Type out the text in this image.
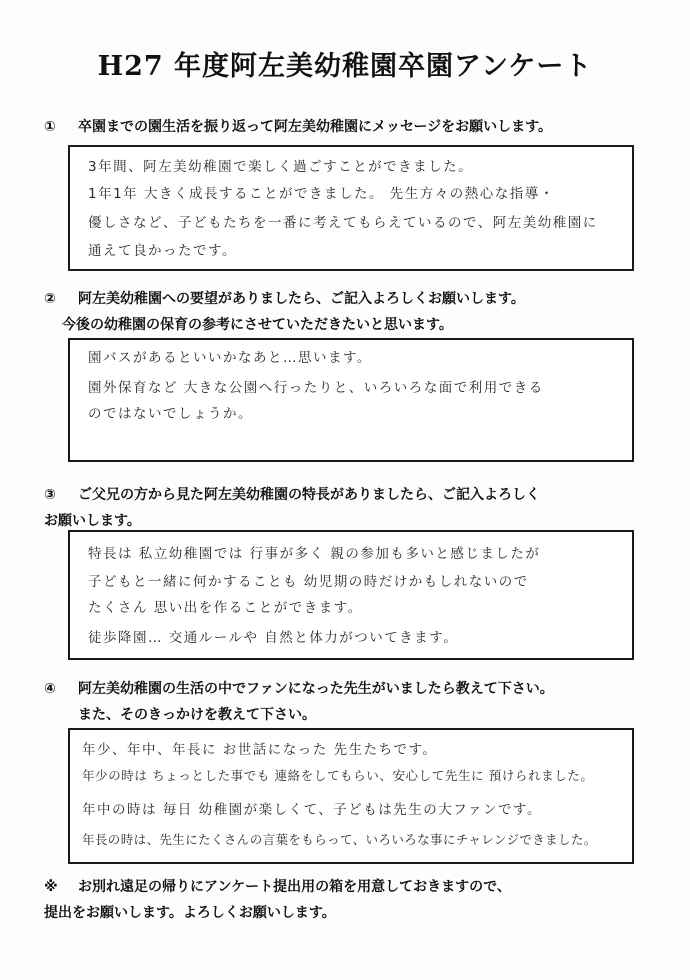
H27 年度阿左美幼稚園卒園アンケート
① 卒園までの園生活を振り返って阿左美幼稚園にメッセージをお願いします。
3年間、阿左美幼稚園で楽しく過ごすことができました。
1年1年 大きく成長することができました。 先生方々の熱心な指導・
優しさなど、子どもたちを一番に考えてもらえているので、阿左美幼稚園に
通えて良かったです。
② 阿左美幼稚園への要望がありましたら、ご記入よろしくお願いします。
今後の幼稚園の保育の参考にさせていただきたいと思います。
園バスがあるといいかなあと…思います。
園外保育など 大きな公園へ行ったりと、いろいろな面で利用できる
のではないでしょうか。
③ ご父兄の方から見た阿左美幼稚園の特長がありましたら、ご記入よろしく
お願いします。
特長は 私立幼稚園では 行事が多く 親の参加も多いと感じましたが
子どもと一緒に何かすることも 幼児期の時だけかもしれないので
たくさん 思い出を作ることができます。
徒歩降園… 交通ルールや 自然と体力がついてきます。
④ 阿左美幼稚園の生活の中でファンになった先生がいましたら教えて下さい。
また、そのきっかけを教えて下さい。
年少、年中、年長に お世話になった 先生たちです。
年少の時は ちょっとした事でも 連絡をしてもらい、安心して先生に 預けられました。
年中の時は 毎日 幼稚園が楽しくて、子どもは先生の大ファンです。
年長の時は、先生にたくさんの言葉をもらって、いろいろな事にチャレンジできました。
※ お別れ遠足の帰りにアンケート提出用の箱を用意しておきますので、
提出をお願いします。よろしくお願いします。
